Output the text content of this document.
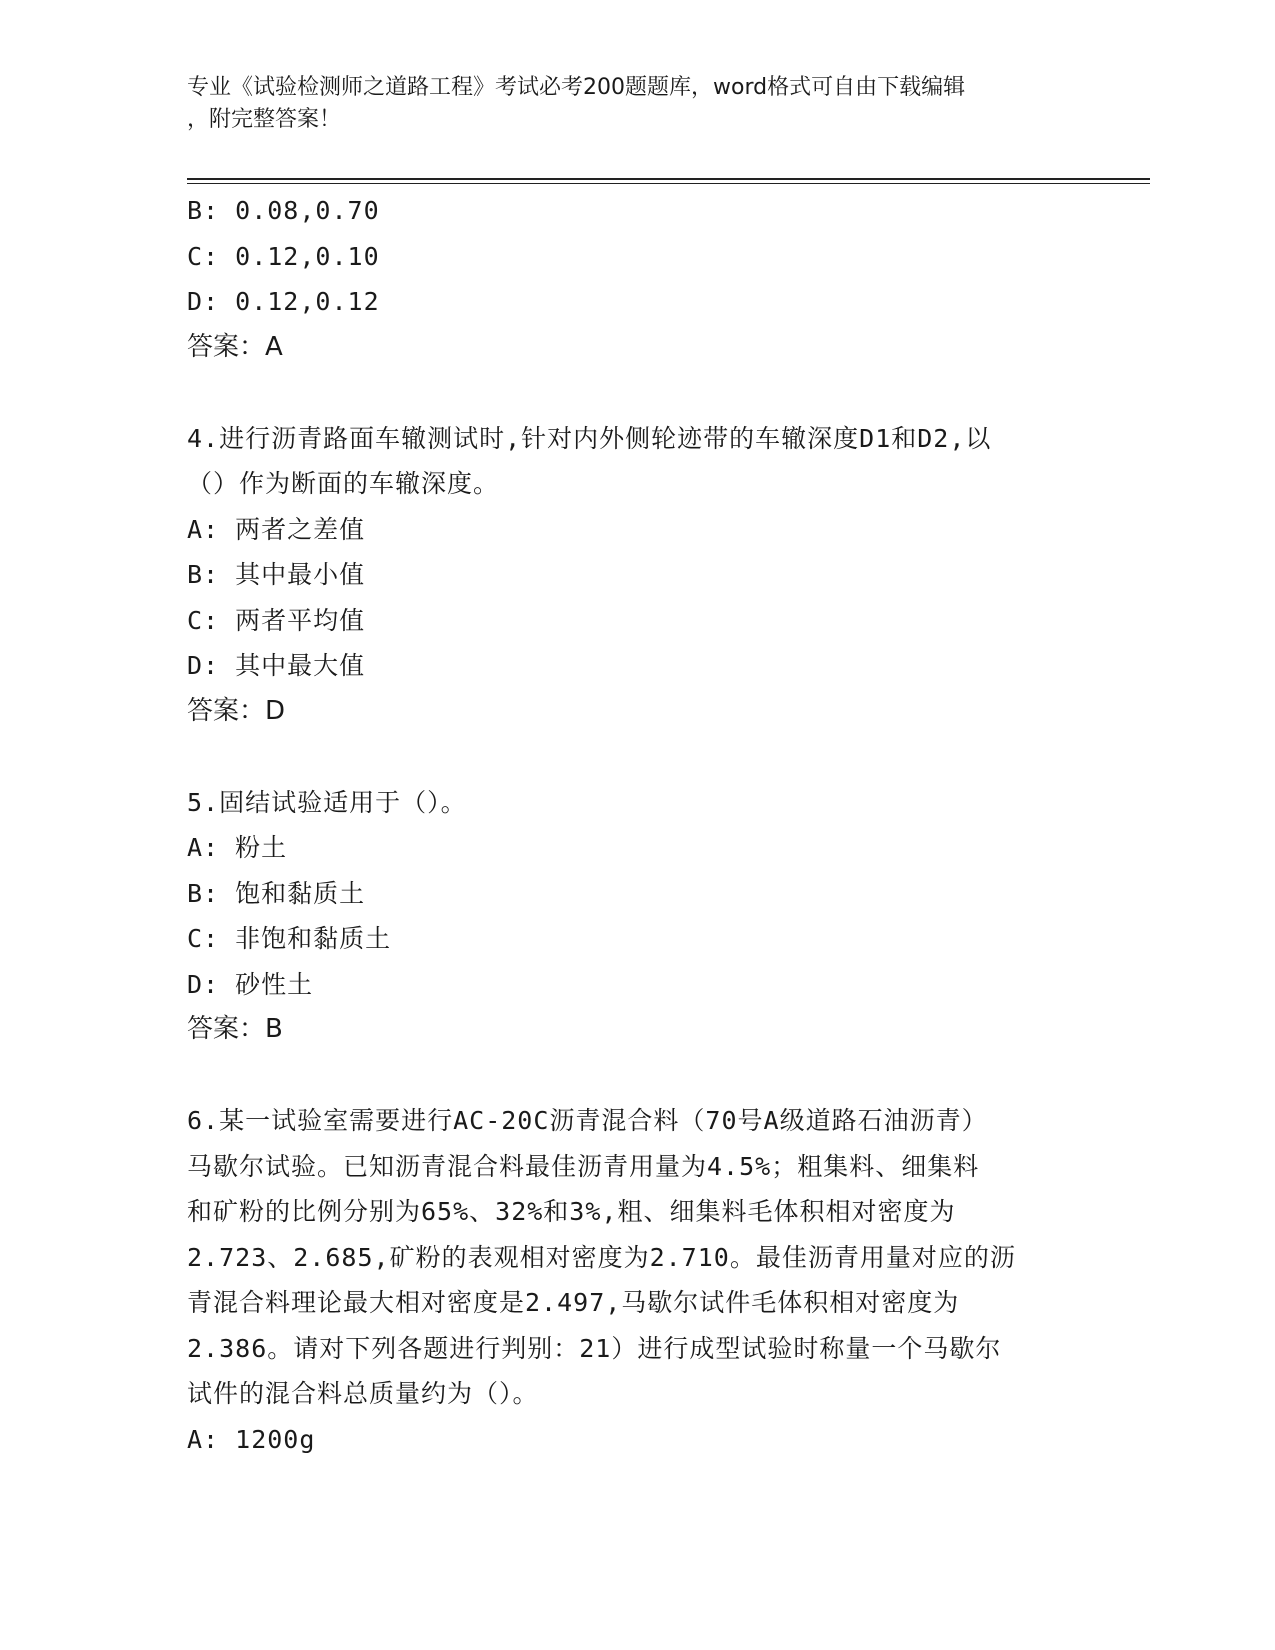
专业《试验检测师之道路工程》考试必考200题题库，word格式可自由下载编辑
，附完整答案！
B: 0.08,0.70
C: 0.12,0.10
D: 0.12,0.12
答案：A
4.进行沥青路面车辙测试时,针对内外侧轮迹带的车辙深度D1和D2,以
（）作为断面的车辙深度。
A: 两者之差值
B: 其中最小值
C: 两者平均值
D: 其中最大值
答案：D
5.固结试验适用于（）。
A: 粉土
B: 饱和黏质土
C: 非饱和黏质土
D: 砂性土
答案：B
6.某一试验室需要进行AC-20C沥青混合料（70号A级道路石油沥青）
马歇尔试验。已知沥青混合料最佳沥青用量为4.5%；粗集料、细集料
和矿粉的比例分别为65%、32%和3%,粗、细集料毛体积相对密度为
2.723、2.685,矿粉的表观相对密度为2.710。最佳沥青用量对应的沥
青混合料理论最大相对密度是2.497,马歇尔试件毛体积相对密度为
2.386。请对下列各题进行判别：21）进行成型试验时称量一个马歇尔
试件的混合料总质量约为（）。
A: 1200g
